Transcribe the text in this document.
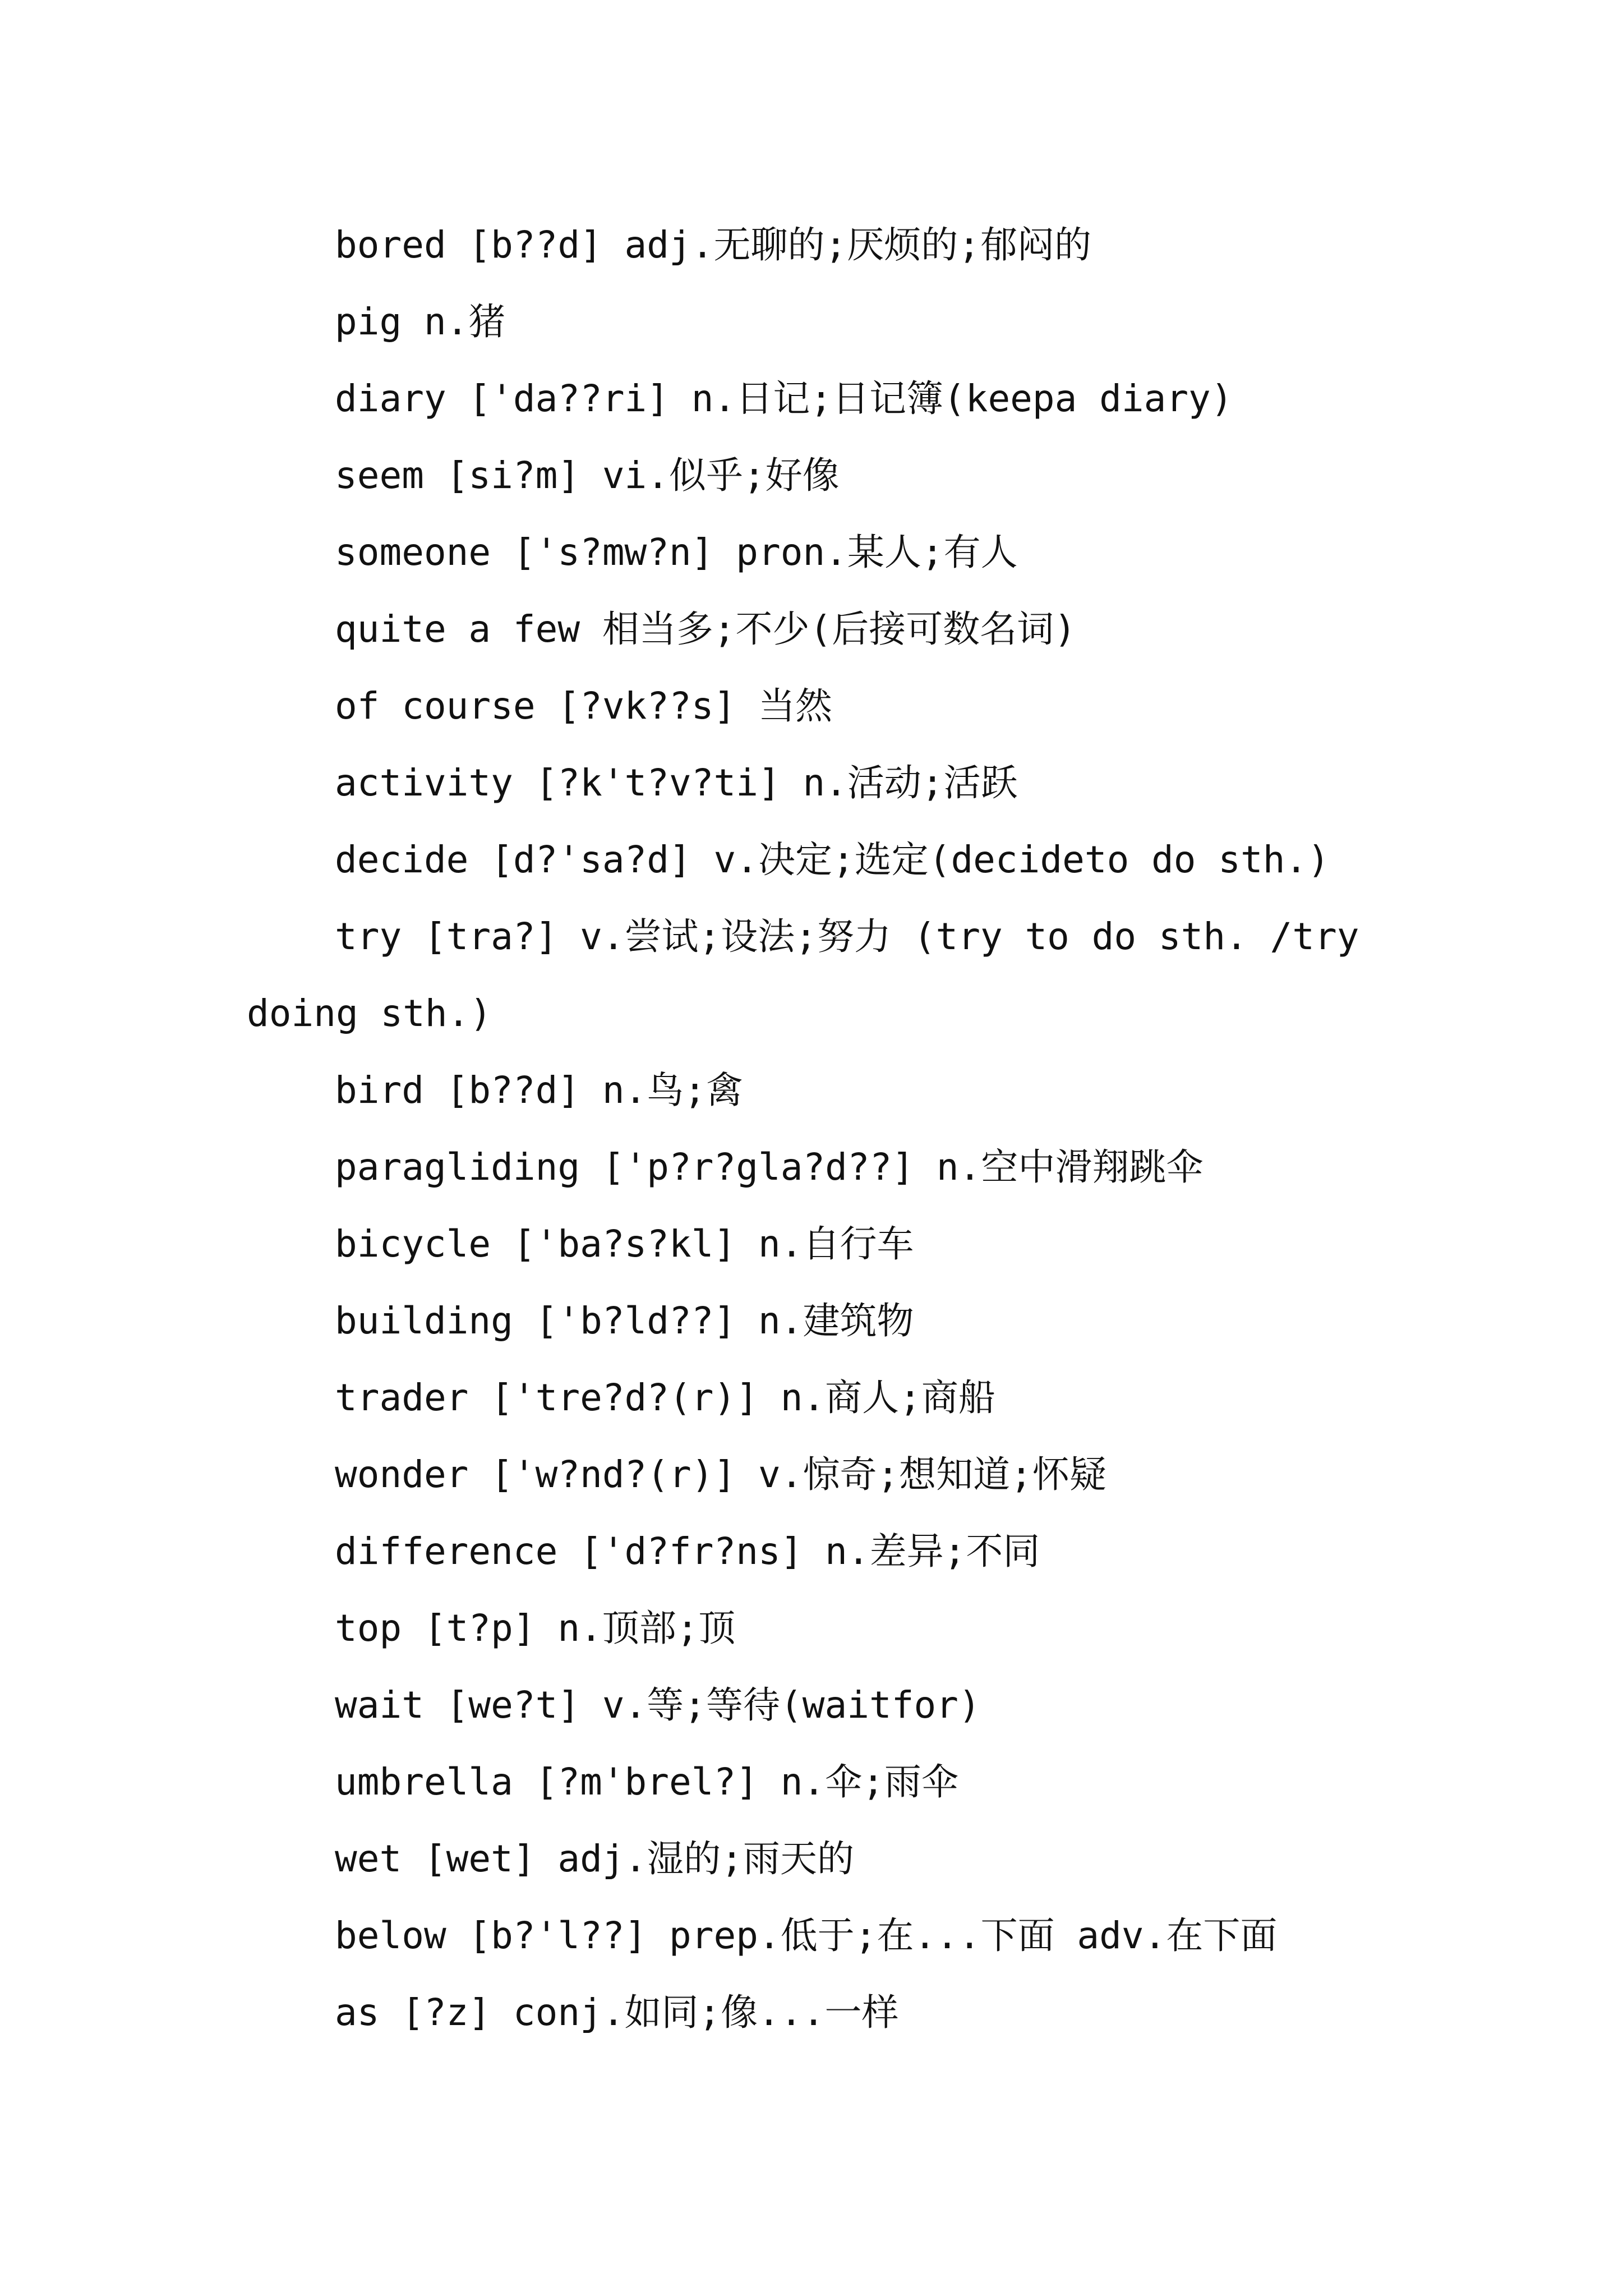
bored [b??d] adj.无聊的;厌烦的;郁闷的
pig n.猪
diary ['da??ri] n.日记;日记簿(keepa diary)
seem [si?m] vi.似乎;好像
someone ['s?mw?n] pron.某人;有人
quite a few 相当多;不少(后接可数名词)
of course [?vk??s] 当然
activity [?k't?v?ti] n.活动;活跃
decide [d?'sa?d] v.决定;选定(decideto do sth.)
try [tra?] v.尝试;设法;努力 (try to do sth. /try doing sth.)
bird [b??d] n.鸟;禽
paragliding ['p?r?gla?d??] n.空中滑翔跳伞
bicycle ['ba?s?kl] n.自行车
building ['b?ld??] n.建筑物
trader ['tre?d?(r)] n.商人;商船
wonder ['w?nd?(r)] v.惊奇;想知道;怀疑
difference ['d?fr?ns] n.差异;不同
top [t?p] n.顶部;顶
wait [we?t] v.等;等待(waitfor)
umbrella [?m'brel?] n.伞;雨伞
wet [wet] adj.湿的;雨天的
below [b?'l??] prep.低于;在...下面 adv.在下面
as [?z] conj.如同;像...一样
